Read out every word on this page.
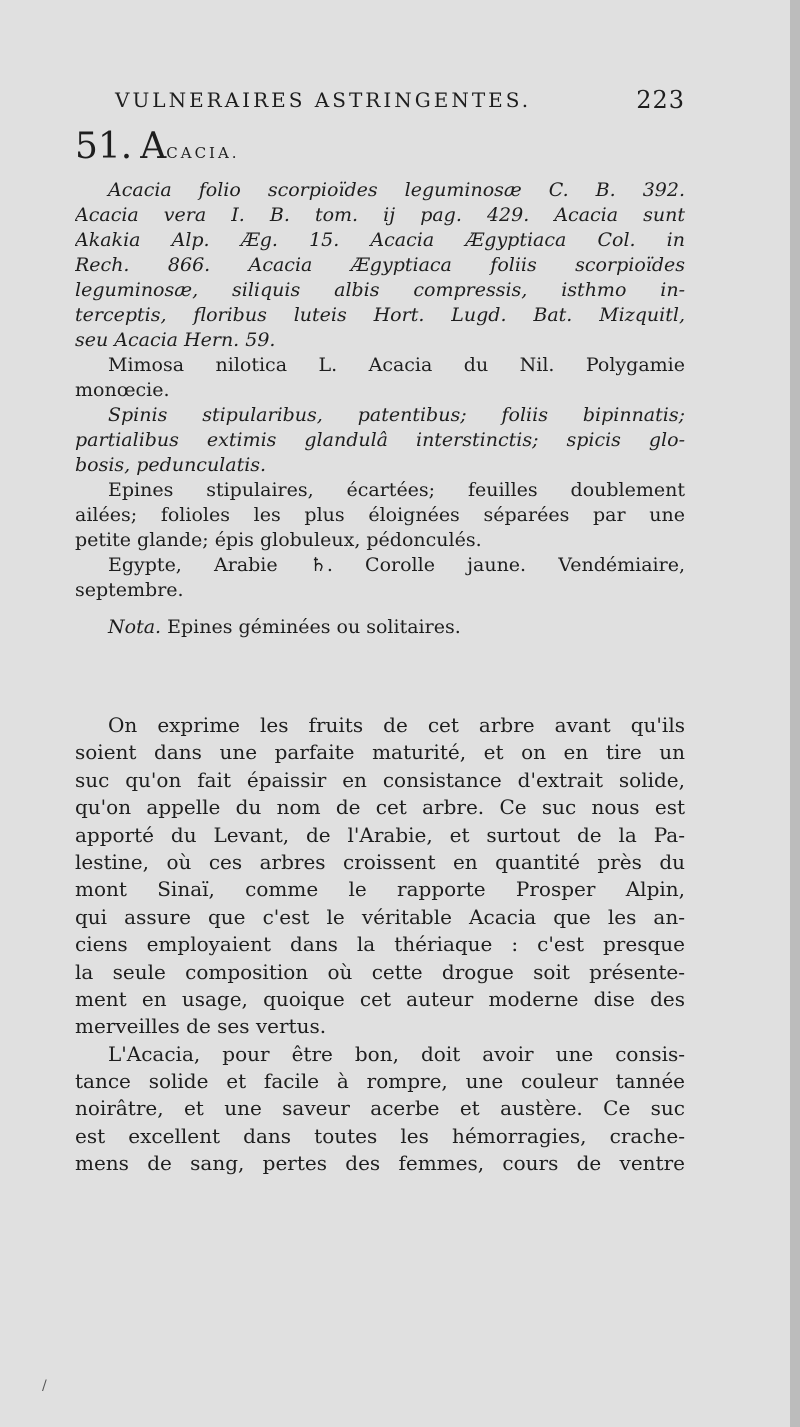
VULNERAIRES ASTRINGENTES.	223
51. ACACIA.
Acacia folio scorpioïdes leguminosæ C. B. 392.
Acacia vera I. B. tom. ij pag. 429. Acacia sunt
Akakia Alp. Æg. 15. Acacia Ægyptiaca Col. in
Rech. 866. Acacia Ægyptiaca foliis scorpioïdes
leguminosæ, siliquis albis compressis, isthmo in-
terceptis, floribus luteis Hort. Lugd. Bat. Mizquitl,
seu Acacia Hern. 59.
Mimosa nilotica L. Acacia du Nil. Polygamie
monœcie.
Spinis stipularibus, patentibus; foliis bipinnatis;
partialibus extimis glandulâ interstinctis; spicis glo-
bosis, pedunculatis.
Epines stipulaires, écartées; feuilles doublement
ailées; folioles les plus éloignées séparées par une
petite glande; épis globuleux, pédonculés.
Egypte, Arabie ♄. Corolle jaune. Vendémiaire,
septembre.
Nota. Epines géminées ou solitaires.
On exprime les fruits de cet arbre avant qu'ils
soient dans une parfaite maturité, et on en tire un
suc qu'on fait épaissir en consistance d'extrait solide,
qu'on appelle du nom de cet arbre. Ce suc nous est
apporté du Levant, de l'Arabie, et surtout de la Pa-
lestine, où ces arbres croissent en quantité près du
mont Sinaï, comme le rapporte Prosper Alpin,
qui assure que c'est le véritable Acacia que les an-
ciens employaient dans la thériaque : c'est presque
la seule composition où cette drogue soit présente-
ment en usage, quoique cet auteur moderne dise des
merveilles de ses vertus.
L'Acacia, pour être bon, doit avoir une consis-
tance solide et facile à rompre, une couleur tannée
noirâtre, et une saveur acerbe et austère. Ce suc
est excellent dans toutes les hémorragies, crache-
mens de sang, pertes des femmes, cours de ventre
/
